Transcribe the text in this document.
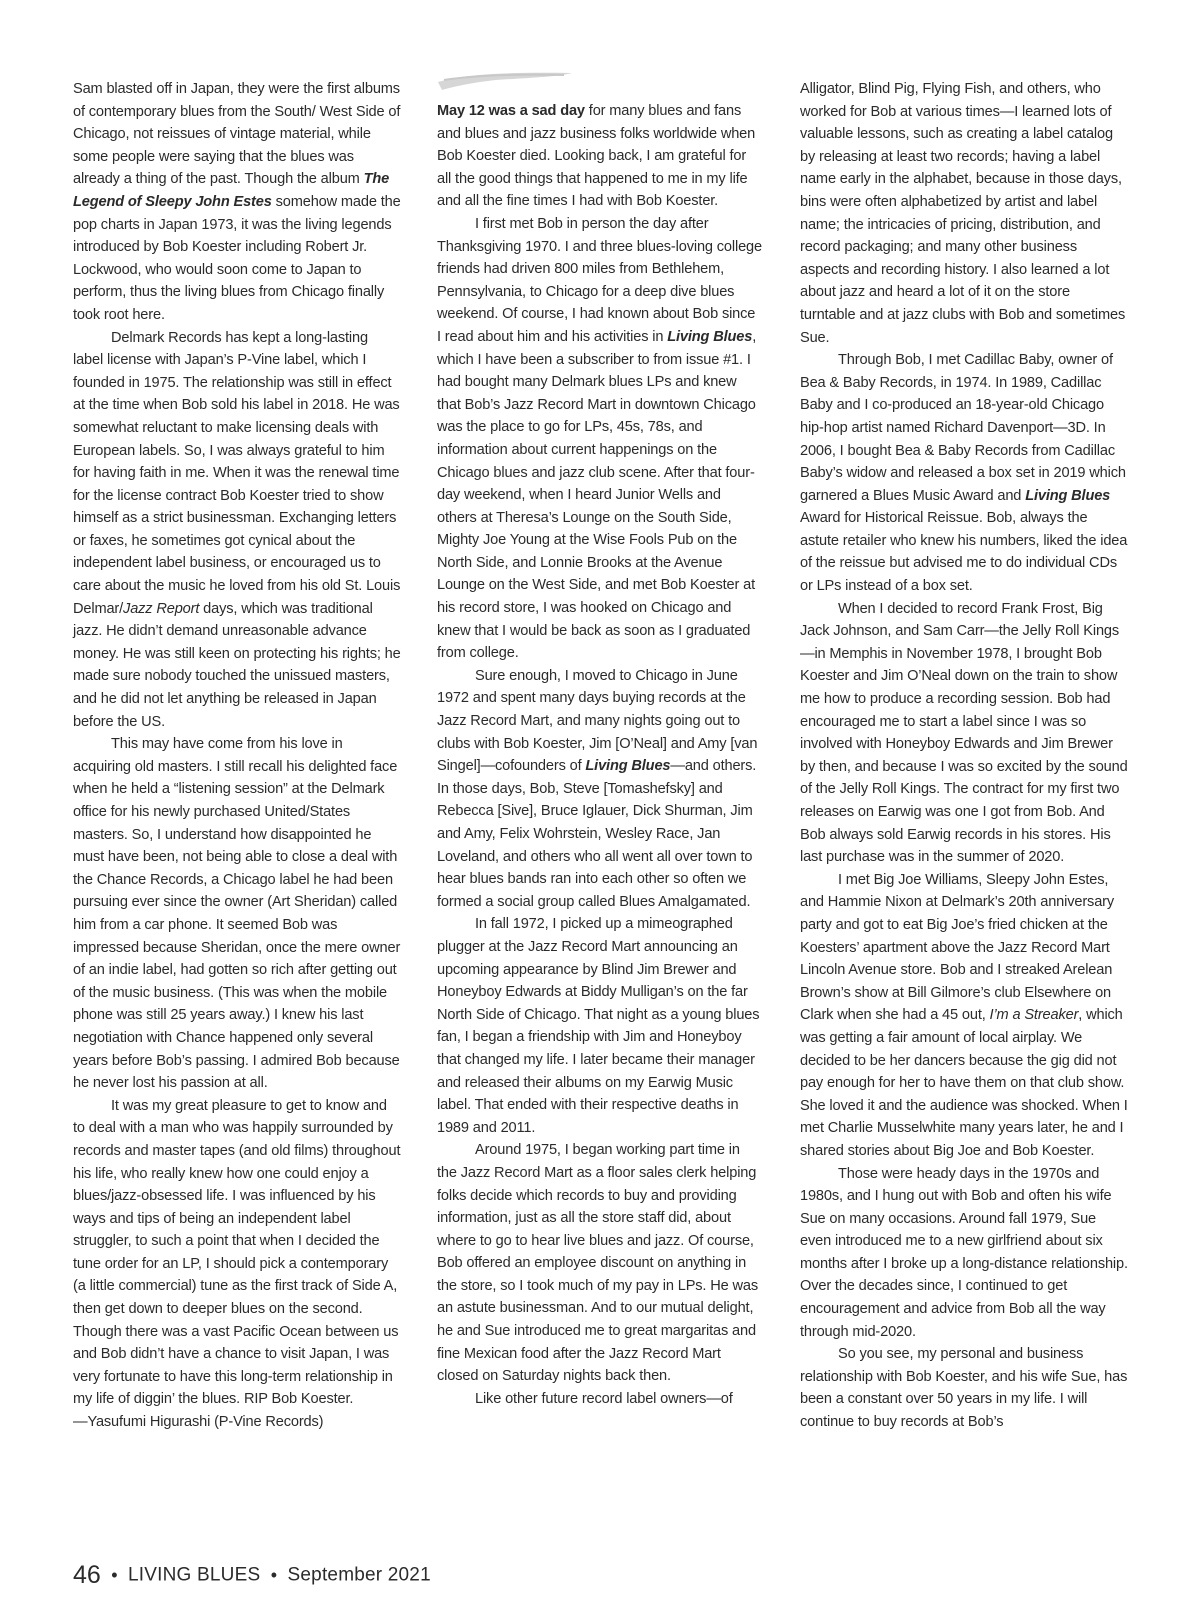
Sam blasted off in Japan, they were the first albums of contemporary blues from the South/ West Side of Chicago, not reissues of vintage material, while some people were saying that the blues was already a thing of the past. Though the album The Legend of Sleepy John Estes somehow made the pop charts in Japan 1973, it was the living legends introduced by Bob Koester including Robert Jr. Lockwood, who would soon come to Japan to perform, thus the living blues from Chicago finally took root here.

Delmark Records has kept a long-lasting label license with Japan’s P-Vine label, which I founded in 1975. The relationship was still in effect at the time when Bob sold his label in 2018. He was somewhat reluctant to make licensing deals with European labels. So, I was always grateful to him for having faith in me. When it was the renewal time for the license contract Bob Koester tried to show himself as a strict businessman. Exchanging letters or faxes, he sometimes got cynical about the independent label business, or encouraged us to care about the music he loved from his old St. Louis Delmar/Jazz Report days, which was traditional jazz. He didn’t demand unreasonable advance money. He was still keen on protecting his rights; he made sure nobody touched the unissued masters, and he did not let anything be released in Japan before the US.

This may have come from his love in acquiring old masters. I still recall his delighted face when he held a “listening session” at the Delmark office for his newly purchased United/States masters. So, I understand how disappointed he must have been, not being able to close a deal with the Chance Records, a Chicago label he had been pursuing ever since the owner (Art Sheridan) called him from a car phone. It seemed Bob was impressed because Sheridan, once the mere owner of an indie label, had gotten so rich after getting out of the music business. (This was when the mobile phone was still 25 years away.) I knew his last negotiation with Chance happened only several years before Bob’s passing. I admired Bob because he never lost his passion at all.

It was my great pleasure to get to know and to deal with a man who was happily surrounded by records and master tapes (and old films) throughout his life, who really knew how one could enjoy a blues/jazz-obsessed life. I was influenced by his ways and tips of being an independent label struggler, to such a point that when I decided the tune order for an LP, I should pick a contemporary (a little commercial) tune as the first track of Side A, then get down to deeper blues on the second. Though there was a vast Pacific Ocean between us and Bob didn’t have a chance to visit Japan, I was very fortunate to have this long-term relationship in my life of diggin’ the blues. RIP Bob Koester.

—Yasufumi Higurashi (P-Vine Records)

May 12 was a sad day for many blues and fans and blues and jazz business folks worldwide when Bob Koester died. Looking back, I am grateful for all the good things that happened to me in my life and all the fine times I had with Bob Koester.

I first met Bob in person the day after Thanksgiving 1970. I and three blues-loving college friends had driven 800 miles from Bethlehem, Pennsylvania, to Chicago for a deep dive blues weekend. Of course, I had known about Bob since I read about him and his activities in Living Blues, which I have been a subscriber to from issue #1. I had bought many Delmark blues LPs and knew that Bob’s Jazz Record Mart in downtown Chicago was the place to go for LPs, 45s, 78s, and information about current happenings on the Chicago blues and jazz club scene. After that four-day weekend, when I heard Junior Wells and others at Theresa’s Lounge on the South Side, Mighty Joe Young at the Wise Fools Pub on the North Side, and Lonnie Brooks at the Avenue Lounge on the West Side, and met Bob Koester at his record store, I was hooked on Chicago and knew that I would be back as soon as I graduated from college.

Sure enough, I moved to Chicago in June 1972 and spent many days buying records at the Jazz Record Mart, and many nights going out to clubs with Bob Koester, Jim [O’Neal] and Amy [van Singel]—cofounders of Living Blues—and others. In those days, Bob, Steve [Tomashefsky] and Rebecca [Sive], Bruce Iglauer, Dick Shurman, Jim and Amy, Felix Wohrstein, Wesley Race, Jan Loveland, and others who all went all over town to hear blues bands ran into each other so often we formed a social group called Blues Amalgamated.

In fall 1972, I picked up a mimeographed plugger at the Jazz Record Mart announcing an upcoming appearance by Blind Jim Brewer and Honeyboy Edwards at Biddy Mulligan’s on the far North Side of Chicago. That night as a young blues fan, I began a friendship with Jim and Honeyboy that changed my life. I later became their manager and released their albums on my Earwig Music label. That ended with their respective deaths in 1989 and 2011.

Around 1975, I began working part time in the Jazz Record Mart as a floor sales clerk helping folks decide which records to buy and providing information, just as all the store staff did, about where to go to hear live blues and jazz. Of course, Bob offered an employee discount on anything in the store, so I took much of my pay in LPs. He was an astute businessman. And to our mutual delight, he and Sue introduced me to great margaritas and fine Mexican food after the Jazz Record Mart closed on Saturday nights back then.

Like other future record label owners—of

Alligator, Blind Pig, Flying Fish, and others, who worked for Bob at various times—I learned lots of valuable lessons, such as creating a label catalog by releasing at least two records; having a label name early in the alphabet, because in those days, bins were often alphabetized by artist and label name; the intricacies of pricing, distribution, and record packaging; and many other business aspects and recording history. I also learned a lot about jazz and heard a lot of it on the store turntable and at jazz clubs with Bob and sometimes Sue.

Through Bob, I met Cadillac Baby, owner of Bea & Baby Records, in 1974. In 1989, Cadillac Baby and I co-produced an 18-year-old Chicago hip-hop artist named Richard Davenport—3D. In 2006, I bought Bea & Baby Records from Cadillac Baby’s widow and released a box set in 2019 which garnered a Blues Music Award and Living Blues Award for Historical Reissue. Bob, always the astute retailer who knew his numbers, liked the idea of the reissue but advised me to do individual CDs or LPs instead of a box set.

When I decided to record Frank Frost, Big Jack Johnson, and Sam Carr—the Jelly Roll Kings—in Memphis in November 1978, I brought Bob Koester and Jim O’Neal down on the train to show me how to produce a recording session. Bob had encouraged me to start a label since I was so involved with Honeyboy Edwards and Jim Brewer by then, and because I was so excited by the sound of the Jelly Roll Kings. The contract for my first two releases on Earwig was one I got from Bob. And Bob always sold Earwig records in his stores. His last purchase was in the summer of 2020.

I met Big Joe Williams, Sleepy John Estes, and Hammie Nixon at Delmark’s 20th anniversary party and got to eat Big Joe’s fried chicken at the Koesters’ apartment above the Jazz Record Mart Lincoln Avenue store. Bob and I streaked Arelean Brown’s show at Bill Gilmore’s club Elsewhere on Clark when she had a 45 out, I’m a Streaker, which was getting a fair amount of local airplay. We decided to be her dancers because the gig did not pay enough for her to have them on that club show. She loved it and the audience was shocked. When I met Charlie Musselwhite many years later, he and I shared stories about Big Joe and Bob Koester.

Those were heady days in the 1970s and 1980s, and I hung out with Bob and often his wife Sue on many occasions. Around fall 1979, Sue even introduced me to a new girlfriend about six months after I broke up a long-distance relationship. Over the decades since, I continued to get encouragement and advice from Bob all the way through mid-2020.

So you see, my personal and business relationship with Bob Koester, and his wife Sue, has been a constant over 50 years in my life. I will continue to buy records at Bob’s

46 • LIVING BLUES • September 2021
